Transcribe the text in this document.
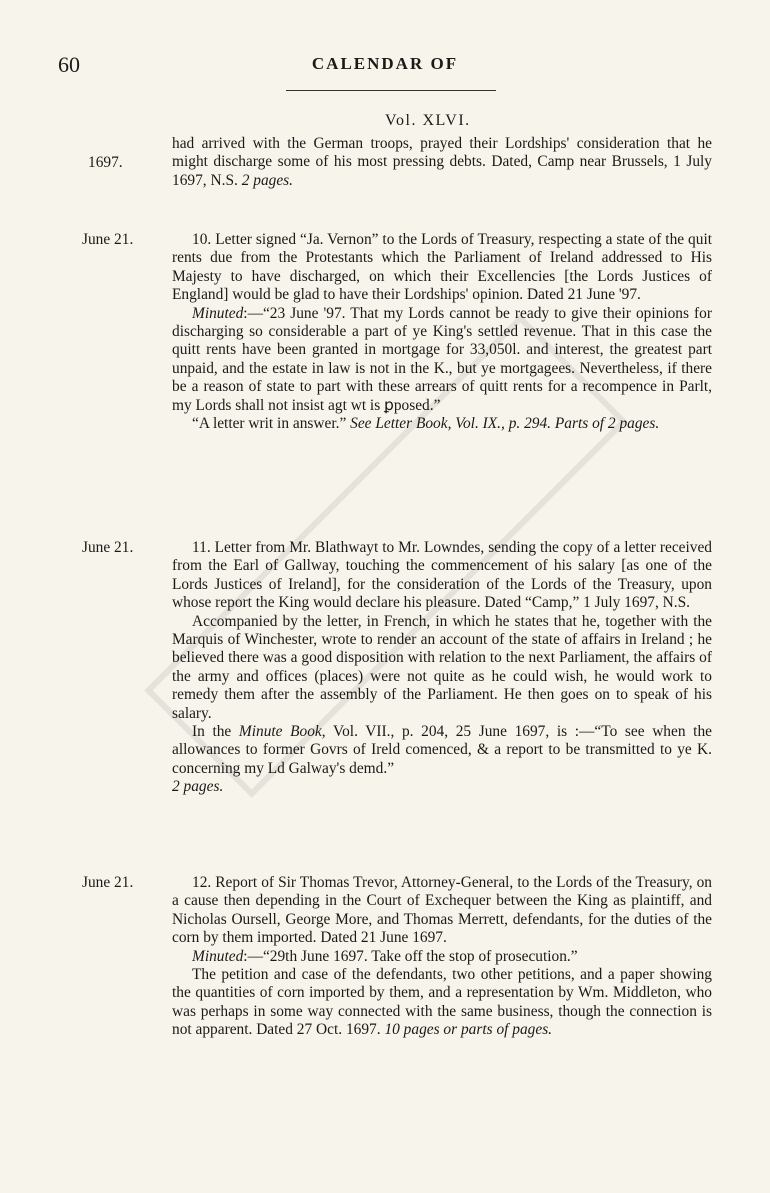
60	CALENDAR OF
Vol. XLVI.
1697.
June 21.
June 21.
June 21.

had arrived with the German troops, prayed their Lordships' consideration that he might discharge some of his most pressing debts. Dated, Camp near Brussels, 1 July 1697, N.S. 2 pages.

10. Letter signed “Ja. Vernon” to the Lords of Treasury, respecting a state of the quit rents due from the Protestants which the Parliament of Ireland addressed to His Majesty to have discharged, on which their Excellencies [the Lords Justices of England] would be glad to have their Lordships' opinion. Dated 21 June '97.

Minuted:—“23 June '97. That my Lords cannot be ready to give their opinions for discharging so considerable a part of ye King's settled revenue. That in this case the quitt rents have been granted in mortgage for 33,050l. and interest, the greatest part unpaid, and the estate in law is not in the K., but ye mortgagees. Nevertheless, if there be a reason of state to part with these arrears of quitt rents for a recompence in Parlt, my Lords shall not insist agt wt is ꝑposed.”

“A letter writ in answer.” See Letter Book, Vol. IX., p. 294. Parts of 2 pages.

11. Letter from Mr. Blathwayt to Mr. Lowndes, sending the copy of a letter received from the Earl of Gallway, touching the commencement of his salary [as one of the Lords Justices of Ireland], for the consideration of the Lords of the Treasury, upon whose report the King would declare his pleasure. Dated “Camp,” 1 July 1697, N.S.

Accompanied by the letter, in French, in which he states that he, together with the Marquis of Winchester, wrote to render an account of the state of affairs in Ireland ; he believed there was a good disposition with relation to the next Parliament, the affairs of the army and offices (places) were not quite as he could wish, he would work to remedy them after the assembly of the Parliament. He then goes on to speak of his salary.

In the Minute Book, Vol. VII., p. 204, 25 June 1697, is :—“To see when the allowances to former Govrs of Ireld comenced, & a report to be transmitted to ye K. concerning my Ld Galway's demd.”

2 pages.

12. Report of Sir Thomas Trevor, Attorney-General, to the Lords of the Treasury, on a cause then depending in the Court of Exchequer between the King as plaintiff, and Nicholas Oursell, George More, and Thomas Merrett, defendants, for the duties of the corn by them imported. Dated 21 June 1697.

Minuted:—“29th June 1697. Take off the stop of prosecution.”

The petition and case of the defendants, two other petitions, and a paper showing the quantities of corn imported by them, and a representation by Wm. Middleton, who was perhaps in some way connected with the same business, though the connection is not apparent. Dated 27 Oct. 1697. 10 pages or parts of pages.
